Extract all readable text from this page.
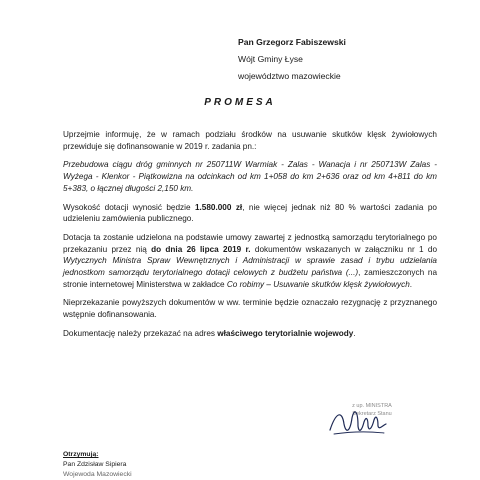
Pan Grzegorz Fabiszewski
Wójt Gminy Łyse
województwo mazowieckie
PROMESA

Uprzejmie informuję, że w ramach podziału środków na usuwanie skutków klęsk żywiołowych przewiduje się dofinansowanie w 2019 r. zadania pn.:

Przebudowa ciągu dróg gminnych nr 250711W Warmiak - Zalas - Wanacja i nr 250713W Zalas - Wyżega - Klenkor - Piątkowizna na odcinkach od km 1+058 do km 2+636 oraz od km 4+811 do km 5+383, o łącznej długości 2,150 km.

Wysokość dotacji wynosić będzie 1.580.000 zł, nie więcej jednak niż 80 % wartości zadania po udzieleniu zamówienia publicznego.

Dotacja ta zostanie udzielona na podstawie umowy zawartej z jednostką samorządu terytorialnego po przekazaniu przez nią do dnia 26 lipca 2019 r. dokumentów wskazanych w załączniku nr 1 do Wytycznych Ministra Spraw Wewnętrznych i Administracji w sprawie zasad i trybu udzielania jednostkom samorządu terytorialnego dotacji celowych z budżetu państwa (...), zamieszczonych na stronie internetowej Ministerstwa w zakładce Co robimy – Usuwanie skutków klęsk żywiołowych.

Nieprzekazanie powyższych dokumentów w ww. terminie będzie oznaczało rezygnację z przyznanego wstępnie dofinansowania.

Dokumentację należy przekazać na adres właściwego terytorialnie wojewody.

z up. MINISTRA
Sekretarz Stanu
Otrzymują:
Pan Zdzisław Sipiera
Wojewoda Mazowiecki
